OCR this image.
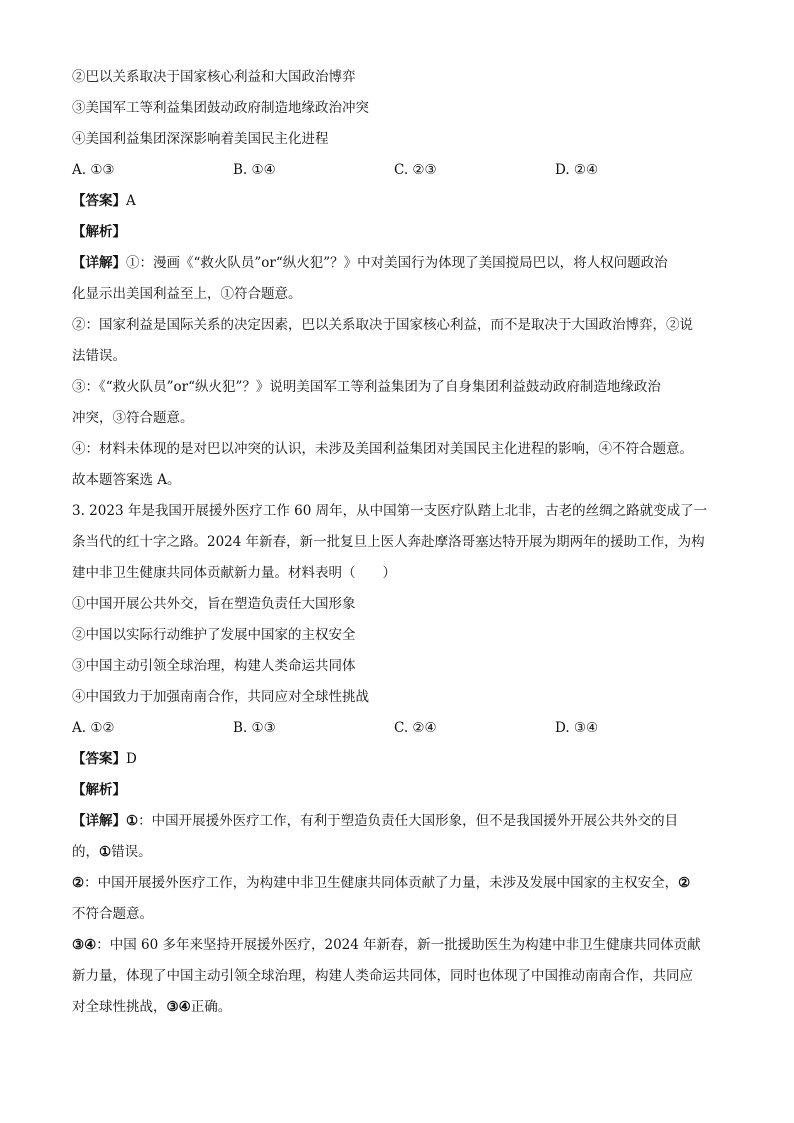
②巴以关系取决于国家核心利益和大国政治博弈
③美国军工等利益集团鼓动政府制造地缘政治冲突
④美国利益集团深深影响着美国民主化进程
A. ①③	B. ①④	C. ②③	D. ②④
【答案】A
【解析】
【详解】①：漫画《“救火队员”or“纵火犯”？》中对美国行为体现了美国搅局巴以，将人权问题政治
化显示出美国利益至上，①符合题意。
②：国家利益是国际关系的决定因素，巴以关系取决于国家核心利益，而不是取决于大国政治博弈，②说
法错误。
③：《“救火队员”or“纵火犯”？》说明美国军工等利益集团为了自身集团利益鼓动政府制造地缘政治
冲突，③符合题意。
④：材料未体现的是对巴以冲突的认识，未涉及美国利益集团对美国民主化进程的影响，④不符合题意。
故本题答案选 A。
3. 2023 年是我国开展援外医疗工作 60 周年，从中国第一支医疗队踏上北非，古老的丝绸之路就变成了一
条当代的红十字之路。2024 年新春，新一批复旦上医人奔赴摩洛哥塞达特开展为期两年的援助工作，为构
建中非卫生健康共同体贡献新力量。材料表明（　　）
①中国开展公共外交，旨在塑造负责任大国形象
②中国以实际行动维护了发展中国家的主权安全
③中国主动引领全球治理，构建人类命运共同体
④中国致力于加强南南合作，共同应对全球性挑战
A. ①②	B. ①③	C. ②④	D. ③④
【答案】D
【解析】
【详解】①：中国开展援外医疗工作，有利于塑造负责任大国形象，但不是我国援外开展公共外交的目
的，①错误。
②：中国开展援外医疗工作，为构建中非卫生健康共同体贡献了力量，未涉及发展中国家的主权安全，②
不符合题意。
③④：中国 60 多年来坚持开展援外医疗，2024 年新春，新一批援助医生为构建中非卫生健康共同体贡献
新力量，体现了中国主动引领全球治理，构建人类命运共同体，同时也体现了中国推动南南合作，共同应
对全球性挑战，③④正确。
